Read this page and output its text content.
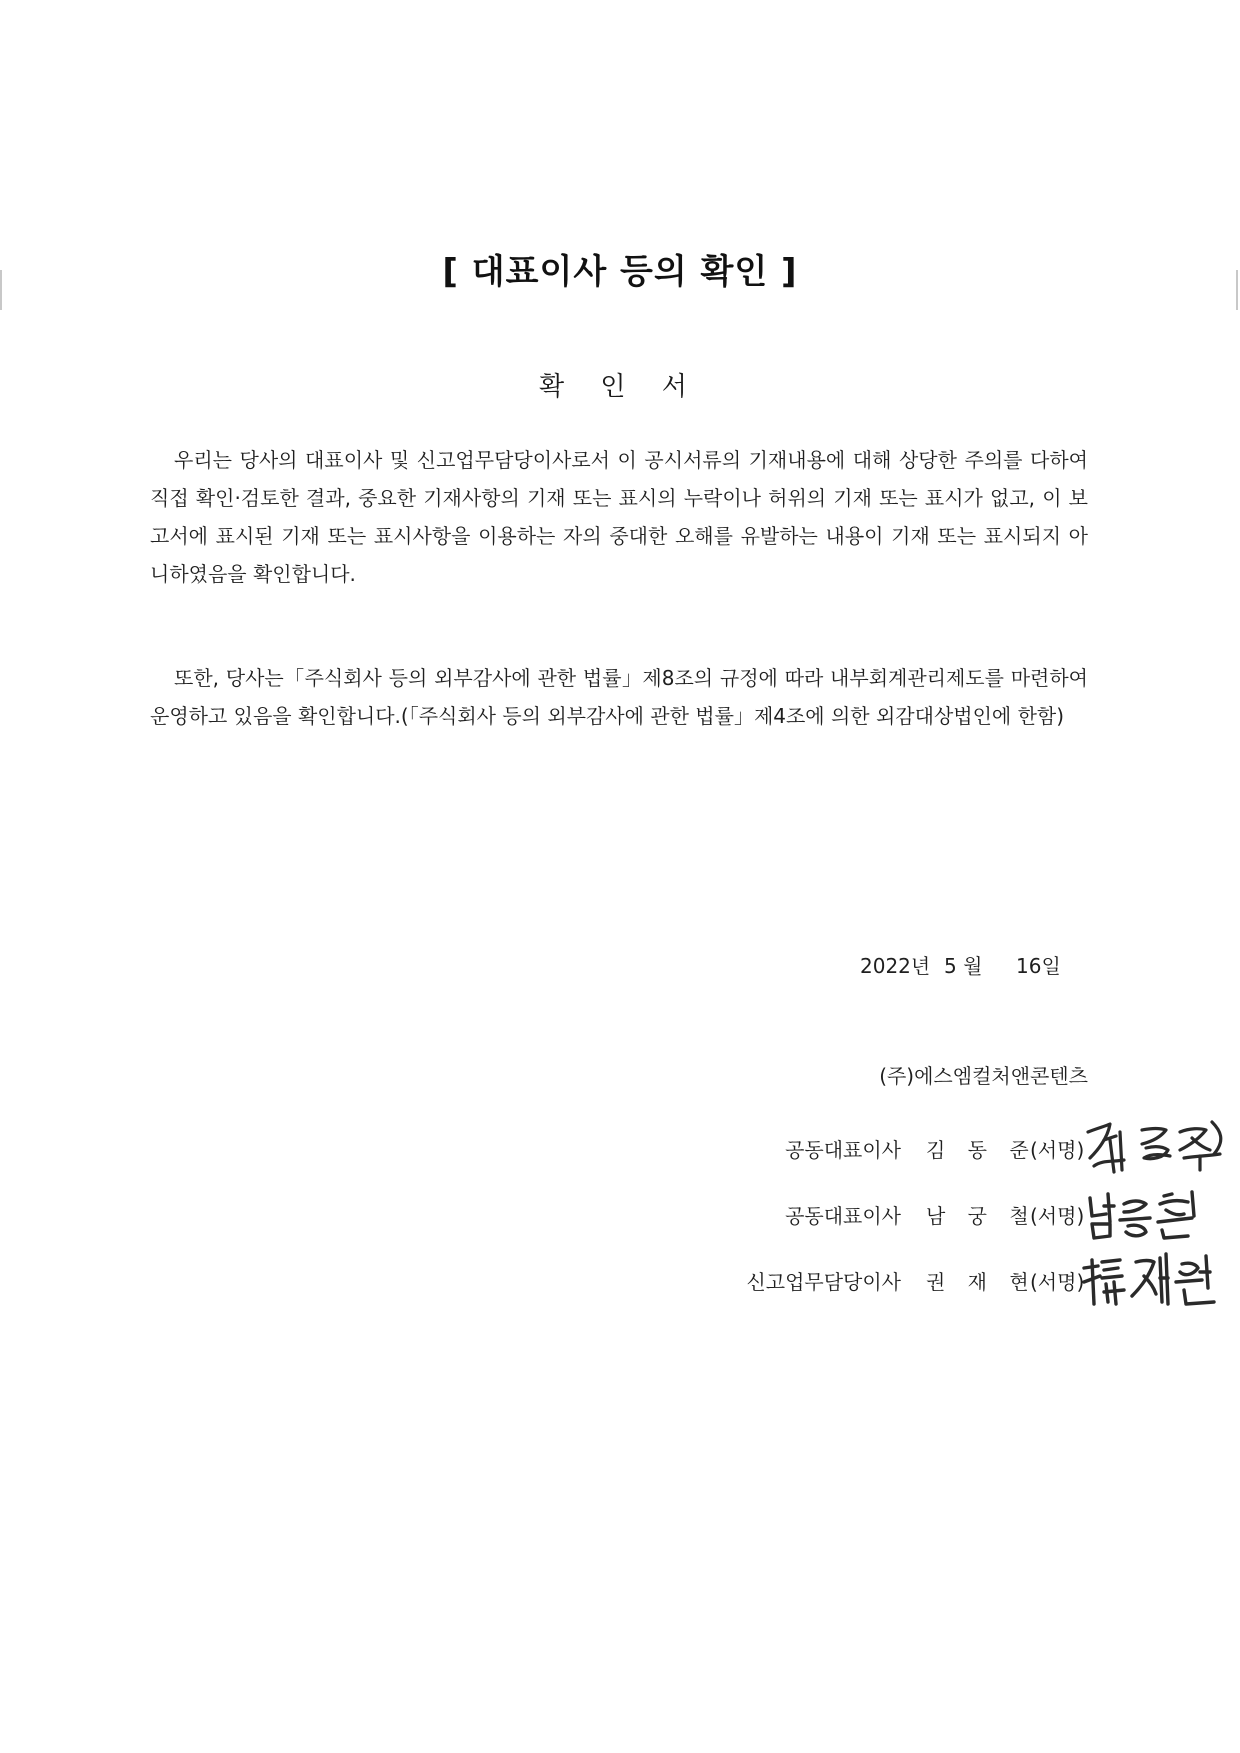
[ 대표이사 등의 확인 ]
확 인 서
우리는 당사의 대표이사 및 신고업무담당이사로서 이 공시서류의 기재내용에 대해 상당한 주의를 다하여 직접 확인·검토한 결과, 중요한 기재사항의 기재 또는 표시의 누락이나 허위의 기재 또는 표시가 없고, 이 보고서에 표시된 기재 또는 표시사항을 이용하는 자의 중대한 오해를 유발하는 내용이 기재 또는 표시되지 아니하였음을 확인합니다.
또한, 당사는「주식회사 등의 외부감사에 관한 법률」제8조의 규정에 따라 내부회계관리제도를 마련하여 운영하고 있음을 확인합니다.(「주식회사 등의 외부감사에 관한 법률」제4조에 의한 외감대상법인에 한함)
2022년 5 월 16일
(주)에스엠컬처앤콘텐츠
공동대표이사 김 동 준
(서명)
공동대표이사 남 궁 철
(서명)
신고업무담당이사 권 재 현
(서명)
